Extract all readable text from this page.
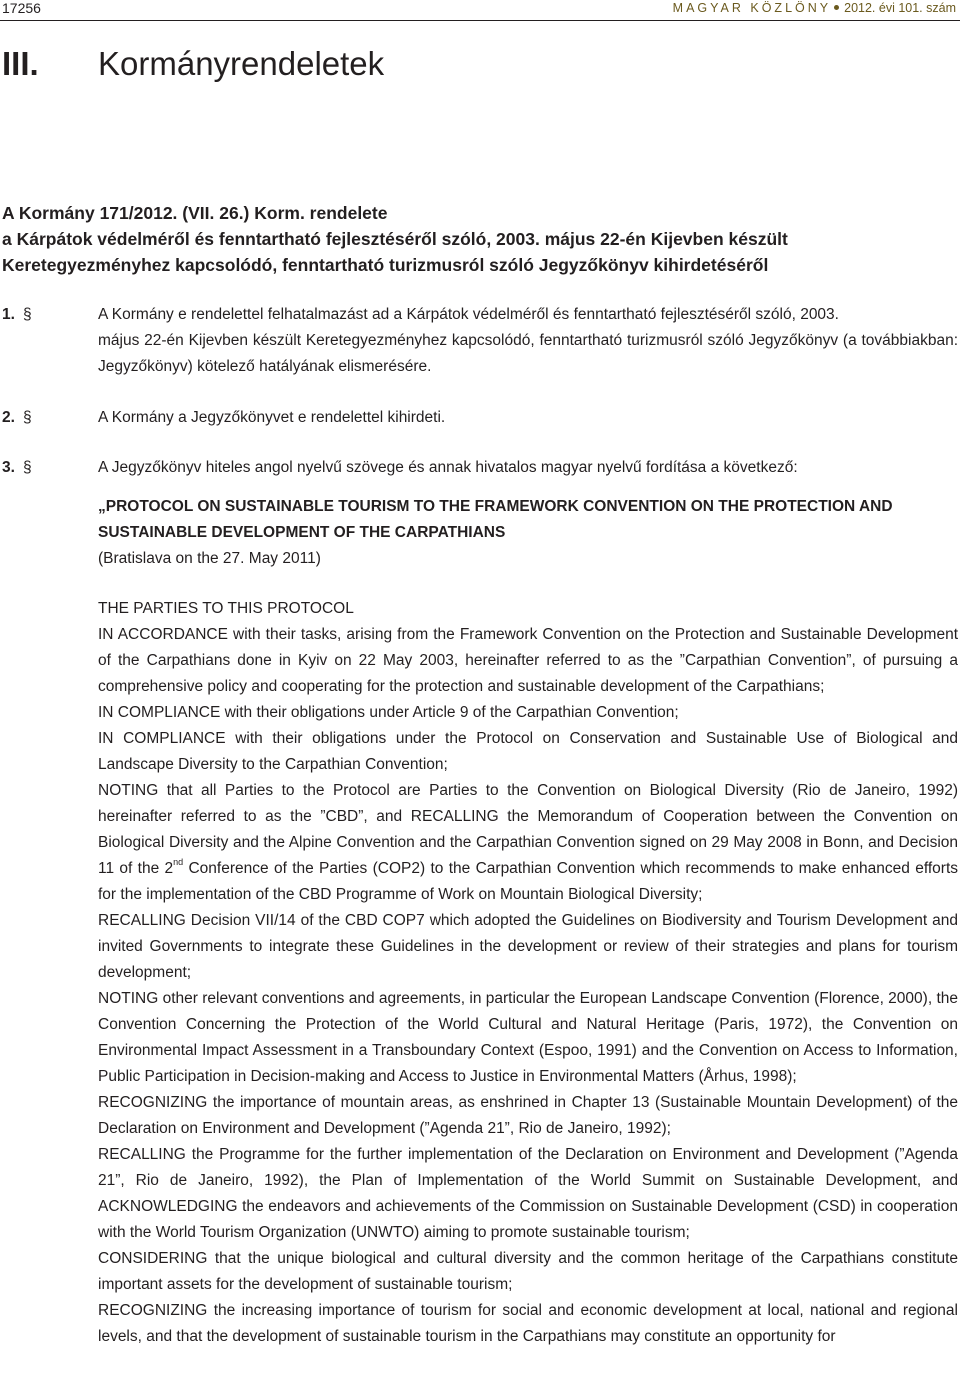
17256	MAGYAR KÖZLÖNY 2012. évi 101. szám
III. Kormányrendeletek
A Kormány 171/2012. (VII. 26.) Korm. rendelete
a Kárpátok védelméről és fenntartható fejlesztéséről szóló, 2003. május 22-én Kijevben készült
Keretegyezményhez kapcsolódó, fenntartható turizmusról szóló Jegyzőkönyv kihirdetéséről
§

1.	A Kormány e rendelettel felhatalmazást ad a Kárpátok védelméről és fenntartható fejlesztéséről szóló, 2003.

május 22-én Kijevben készült Keretegyezményhez kapcsolódó, fenntartható turizmusról szóló Jegyzőkönyv (a továbbiakban: Jegyzőkönyv) kötelező hatályának elismerésére.

§

2.	A Kormány a Jegyzőkönyvet e rendelettel kihirdeti.

§

3.	A Jegyzőkönyv hiteles angol nyelvű szövege és annak hivatalos magyar nyelvű fordítása a következő:

„PROTOCOL ON SUSTAINABLE TOURISM TO THE FRAMEWORK CONVENTION ON THE PROTECTION AND
SUSTAINABLE DEVELOPMENT OF THE CARPATHIANS
(Bratislava on the 27. May 2011)

THE PARTIES TO THIS PROTOCOL

IN ACCORDANCE with their tasks, arising from the Framework Convention on the Protection and Sustainable Development of the Carpathians done in Kyiv on 22 May 2003, hereinafter referred to as the ”Carpathian Convention”, of pursuing a comprehensive policy and cooperating for the protection and sustainable development of the Carpathians;

IN COMPLIANCE with their obligations under Article 9 of the Carpathian Convention;

IN COMPLIANCE with their obligations under the Protocol on Conservation and Sustainable Use of Biological and Landscape Diversity to the Carpathian Convention;

NOTING that all Parties to the Protocol are Parties to the Convention on Biological Diversity (Rio de Janeiro, 1992) hereinafter referred to as the ”CBD”, and RECALLING the Memorandum of Cooperation between the Convention on Biological Diversity and the Alpine Convention and the Carpathian Convention signed on 29 May 2008 in Bonn, and Decision 11 of the 2nd Conference of the Parties (COP2) to the Carpathian Convention which recommends to make enhanced efforts for the implementation of the CBD Programme of Work on Mountain Biological Diversity;

RECALLING Decision VII/14 of the CBD COP7 which adopted the Guidelines on Biodiversity and Tourism Development and invited Governments to integrate these Guidelines in the development or review of their strategies and plans for tourism development;

NOTING other relevant conventions and agreements, in particular the European Landscape Convention (Florence, 2000), the Convention Concerning the Protection of the World Cultural and Natural Heritage (Paris, 1972), the Convention on Environmental Impact Assessment in a Transboundary Context (Espoo, 1991) and the Convention on Access to Information, Public Participation in Decision-making and Access to Justice in Environmental Matters (Århus, 1998);

RECOGNIZING the importance of mountain areas, as enshrined in Chapter 13 (Sustainable Mountain Development) of the Declaration on Environment and Development (”Agenda 21”, Rio de Janeiro, 1992);

RECALLING the Programme for the further implementation of the Declaration on Environment and Development (”Agenda 21”, Rio de Janeiro, 1992), the Plan of Implementation of the World Summit on Sustainable Development, and ACKNOWLEDGING the endeavors and achievements of the Commission on Sustainable Development (CSD) in cooperation with the World Tourism Organization (UNWTO) aiming to promote sustainable tourism;

CONSIDERING that the unique biological and cultural diversity and the common heritage of the Carpathians constitute important assets for the development of sustainable tourism;

RECOGNIZING the increasing importance of tourism for social and economic development at local, national and regional levels, and that the development of sustainable tourism in the Carpathians may constitute an opportunity for
